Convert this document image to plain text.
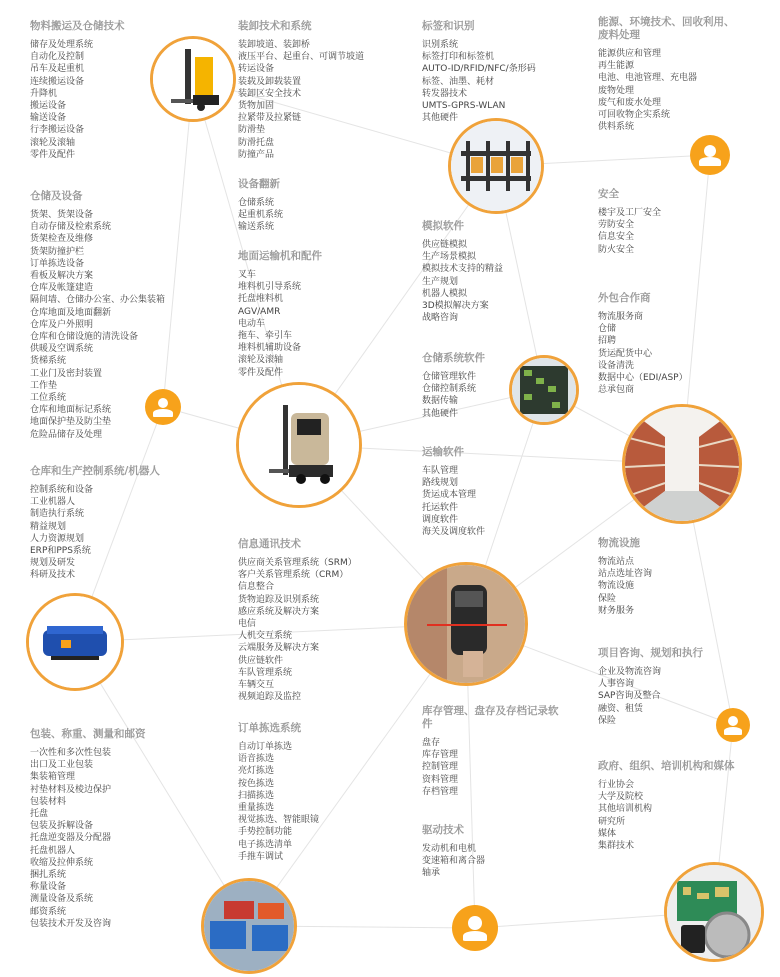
物料搬运及仓储技术
储存及处理系统
自动化及控制
吊车及起重机
连续搬运设备
升降机
搬运设备
输送设备
行李搬运设备
滚轮及滚轴
零件及配件
装卸技术和系统
装卸坡道、装卸桥
液压平台、起重台、可调节坡道
转运设备
装载及卸载装置
装卸区安全技术
货物加固
拉紧带及拉紧链
防滑垫
防滑托盘
防撞产品
标签和识别
识别系统
标签打印和标签机
AUTO-ID/RFID/NFC/条形码
标签、油墨、耗材
转发器技术
UMTS-GPRS-WLAN
其他硬件
能源、环境技术、回收利用、废料处理
能源供应和管理
再生能源
电池、电池管理、充电器
废物处理
废气和废水处理
可回收物企实系统
供料系统
仓储及设备
货架、货架设备
自动存储及检索系统
货架检查及维修
货架防撞护栏
订单拣选设备
看板及解决方案
仓库及帐篷建造
隔间墙、仓储办公室、办公集装箱
仓库地面及地面翻新
仓库及户外照明
仓库和仓储设施的清洗设备
供暖及空调系统
货梯系统
工业门及密封装置
工作垫
工位系统
仓库和地面标记系统
地面保护垫及防尘垫
危险品储存及处理
设备翻新
仓储系统
起重机系统
输送系统	模拟软件
供应链模拟
生产场景模拟
模拟技术支持的精益
生产规划
机器人模拟
3D模拟解决方案
战略咨询
安全
楼宇及工厂安全
劳防安全
信息安全
防火安全
地面运输机和配件
叉车
堆料机引导系统
托盘堆料机
AGV/AMR
电动车
拖车、牵引车
堆料机辅助设备
滚轮及滚轴
零件及配件
外包合作商
物流服务商
仓储
招聘
货运配货中心
设备清洗
数据中心（EDI/ASP）
总承包商
仓储系统软件
仓储管理软件
仓储控制系统
数据传输
其他硬件
运输软件
车队管理
路线规划
货运成本管理
托运软件
调度软件
海关及调度软件
仓库和生产控制系统/机器人
控制系统和设备
工业机器人
制造执行系统
精益规划
人力资源规划
ERP和PPS系统
规划及研发
科研及技术
信息通讯技术
供应商关系管理系统（SRM）
客户关系管理系统（CRM）
信息整合
货物追踪及识别系统
感应系统及解决方案
电信
人机交互系统
云端服务及解决方案
供应链软件
车队管理系统
车辆交互
视频追踪及监控
物流设施
物流站点
站点选址咨询
物流设施
保险
财务服务
项目咨询、规划和执行
企业及物流咨询
人事咨询
SAP咨询及整合
融资、租赁
保险
包装、称重、测量和邮资
一次性和多次性包装
出口及工业包装
集装箱管理
衬垫材料及棱边保护
包装材料
托盘
包装及拆解设备
托盘逆变器及分配器
托盘机器人
收缩及拉伸系统
捆扎系统
称量设备
测量设备及系统
邮资系统
包装技术开发及咨询
订单拣选系统
自动订单拣选
语音拣选
亮灯拣选
按色拣选
扫描拣选
重量拣选
视觉拣选、智能眼镜
手势控制功能
电子拣选清单
手推车调试
库存管理、盘存及存档记录软件
盘存
库存管理
控制管理
资料管理
存档管理
政府、组织、培训机构和媒体
行业协会
大学及院校
其他培训机构
研究所
媒体
集群技术
驱动技术
发动机和电机
变速箱和离合器
轴承
